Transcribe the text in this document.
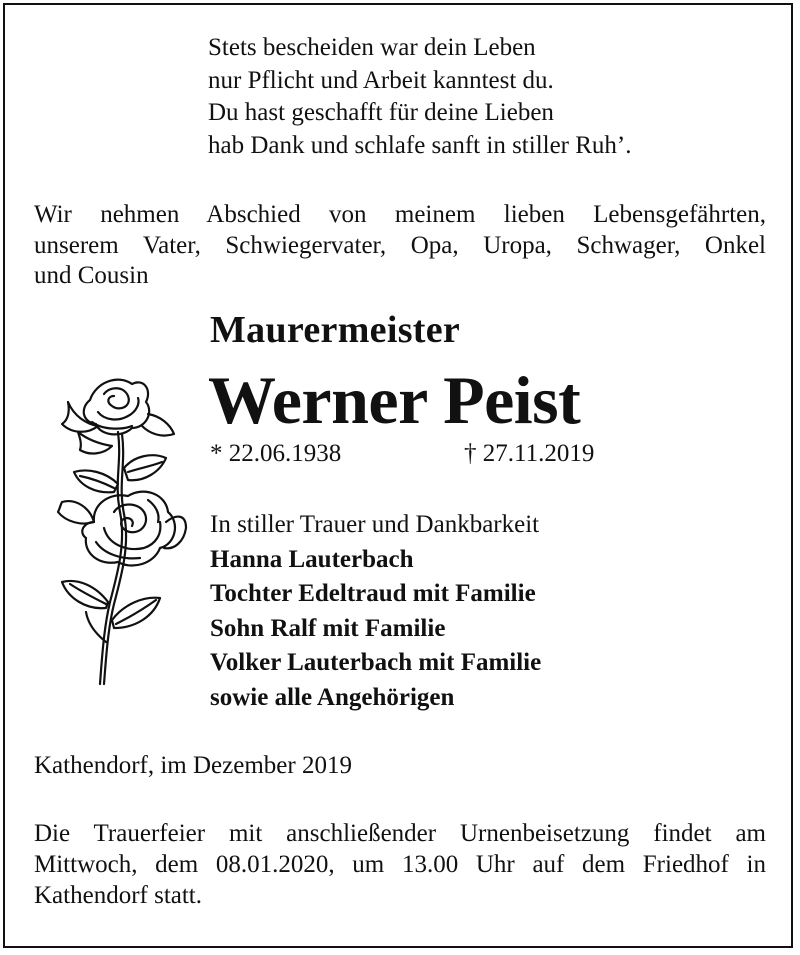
Stets bescheiden war dein Leben
nur Pflicht und Arbeit kanntest du.
Du hast geschafft für deine Lieben
hab Dank und schlafe sanft in stiller Ruh’.
Wir nehmen Abschied von meinem lieben Lebensgefährten,
unserem Vater, Schwiegervater, Opa, Uropa, Schwager, Onkel
und Cousin
Maurermeister
Werner Peist
* 22.06.1938	† 27.11.2019
In stiller Trauer und Dankbarkeit
Hanna Lauterbach
Tochter Edeltraud mit Familie
Sohn Ralf mit Familie
Volker Lauterbach mit Familie
sowie alle Angehörigen
Kathendorf, im Dezember 2019
Die Trauerfeier mit anschließender Urnenbeisetzung findet am
Mittwoch, dem 08.01.2020, um 13.00 Uhr auf dem Friedhof in
Kathendorf statt.
